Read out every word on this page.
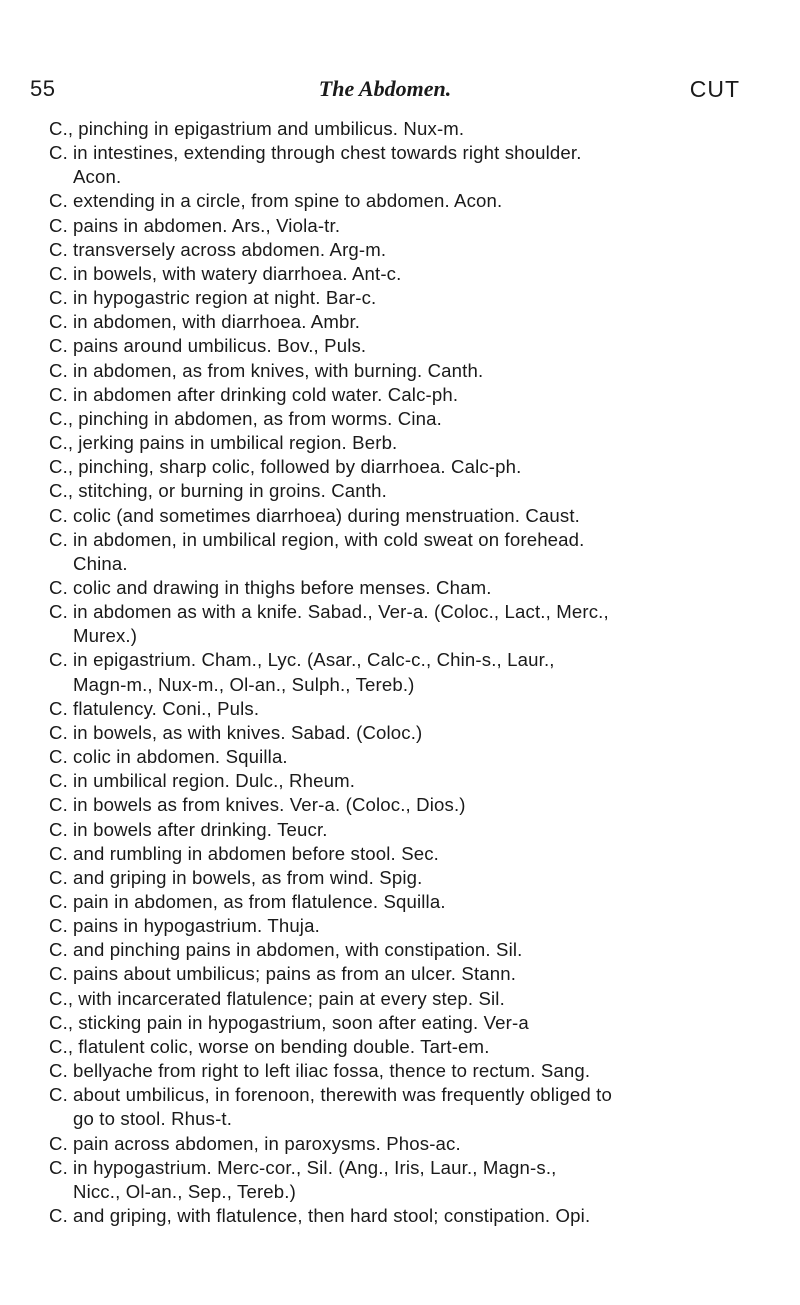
55	The Abdomen.	CUT
C., pinching in epigastrium and umbilicus. Nux-m.
C. in intestines, extending through chest towards right shoulder.
Acon.
C. extending in a circle, from spine to abdomen. Acon.
C. pains in abdomen. Ars., Viola-tr.
C. transversely across abdomen. Arg-m.
C. in bowels, with watery diarrhoea. Ant-c.
C. in hypogastric region at night. Bar-c.
C. in abdomen, with diarrhoea. Ambr.
C. pains around umbilicus. Bov., Puls.
C. in abdomen, as from knives, with burning. Canth.
C. in abdomen after drinking cold water. Calc-ph.
C., pinching in abdomen, as from worms. Cina.
C., jerking pains in umbilical region. Berb.
C., pinching, sharp colic, followed by diarrhoea. Calc-ph.
C., stitching, or burning in groins. Canth.
C. colic (and sometimes diarrhoea) during menstruation. Caust.
C. in abdomen, in umbilical region, with cold sweat on forehead.
China.
C. colic and drawing in thighs before menses. Cham.
C. in abdomen as with a knife. Sabad., Ver-a. (Coloc., Lact., Merc.,
Murex.)
C. in epigastrium. Cham., Lyc. (Asar., Calc-c., Chin-s., Laur.,
Magn-m., Nux-m., Ol-an., Sulph., Tereb.)
C. flatulency. Coni., Puls.
C. in bowels, as with knives. Sabad. (Coloc.)
C. colic in abdomen. Squilla.
C. in umbilical region. Dulc., Rheum.
C. in bowels as from knives. Ver-a. (Coloc., Dios.)
C. in bowels after drinking. Teucr.
C. and rumbling in abdomen before stool. Sec.
C. and griping in bowels, as from wind. Spig.
C. pain in abdomen, as from flatulence. Squilla.
C. pains in hypogastrium. Thuja.
C. and pinching pains in abdomen, with constipation. Sil.
C. pains about umbilicus; pains as from an ulcer. Stann.
C., with incarcerated flatulence; pain at every step. Sil.
C., sticking pain in hypogastrium, soon after eating. Ver-a
C., flatulent colic, worse on bending double. Tart-em.
C. bellyache from right to left iliac fossa, thence to rectum. Sang.
C. about umbilicus, in forenoon, therewith was frequently obliged to
go to stool. Rhus-t.
C. pain across abdomen, in paroxysms. Phos-ac.
C. in hypogastrium. Merc-cor., Sil. (Ang., Iris, Laur., Magn-s.,
Nicc., Ol-an., Sep., Tereb.)
C. and griping, with flatulence, then hard stool; constipation. Opi.
